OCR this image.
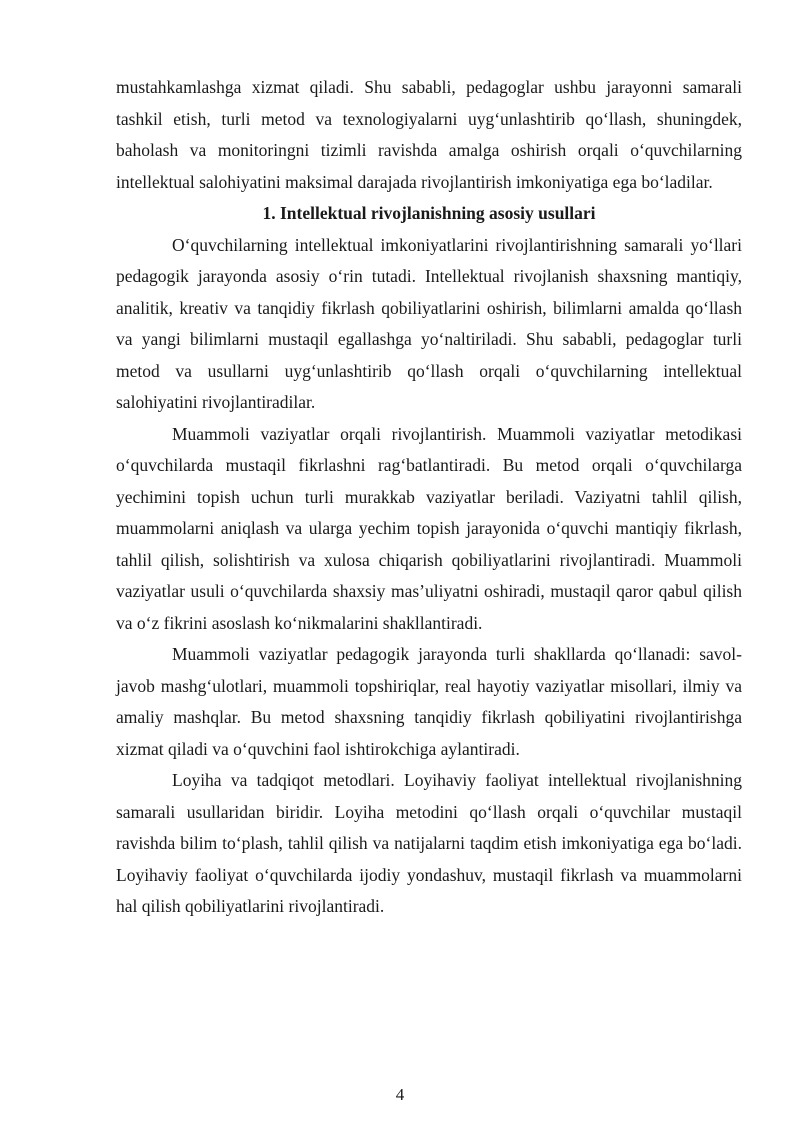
mustahkamlashga xizmat qiladi. Shu sababli, pedagoglar ushbu jarayonni samarali tashkil etish, turli metod va texnologiyalarni uyg‘unlashtirib qo‘llash, shuningdek, baholash va monitoringni tizimli ravishda amalga oshirish orqali o‘quvchilarning intellektual salohiyatini maksimal darajada rivojlantirish imkoniyatiga ega bo‘ladilar.

1. Intellektual rivojlanishning asosiy usullari

O‘quvchilarning intellektual imkoniyatlarini rivojlantirishning samarali yo‘llari pedagogik jarayonda asosiy o‘rin tutadi. Intellektual rivojlanish shaxsning mantiqiy, analitik, kreativ va tanqidiy fikrlash qobiliyatlarini oshirish, bilimlarni amalda qo‘llash va yangi bilimlarni mustaqil egallashga yo‘naltiriladi. Shu sababli, pedagoglar turli metod va usullarni uyg‘unlashtirib qo‘llash orqali o‘quvchilarning intellektual salohiyatini rivojlantiradilar.

Muammoli vaziyatlar orqali rivojlantirish. Muammoli vaziyatlar metodikasi o‘quvchilarda mustaqil fikrlashni rag‘batlantiradi. Bu metod orqali o‘quvchilarga yechimini topish uchun turli murakkab vaziyatlar beriladi. Vaziyatni tahlil qilish, muammolarni aniqlash va ularga yechim topish jarayonida o‘quvchi mantiqiy fikrlash, tahlil qilish, solishtirish va xulosa chiqarish qobiliyatlarini rivojlantiradi. Muammoli vaziyatlar usuli o‘quvchilarda shaxsiy mas’uliyatni oshiradi, mustaqil qaror qabul qilish va o‘z fikrini asoslash ko‘nikmalarini shakllantiradi.

Muammoli vaziyatlar pedagogik jarayonda turli shakllarda qo‘llanadi: savol-javob mashg‘ulotlari, muammoli topshiriqlar, real hayotiy vaziyatlar misollari, ilmiy va amaliy mashqlar. Bu metod shaxsning tanqidiy fikrlash qobiliyatini rivojlantirishga xizmat qiladi va o‘quvchini faol ishtirokchiga aylantiradi.

Loyiha va tadqiqot metodlari. Loyihaviy faoliyat intellektual rivojlanishning samarali usullaridan biridir. Loyiha metodini qo‘llash orqali o‘quvchilar mustaqil ravishda bilim to‘plash, tahlil qilish va natijalarni taqdim etish imkoniyatiga ega bo‘ladi. Loyihaviy faoliyat o‘quvchilarda ijodiy yondashuv, mustaqil fikrlash va muammolarni hal qilish qobiliyatlarini rivojlantiradi.

4
